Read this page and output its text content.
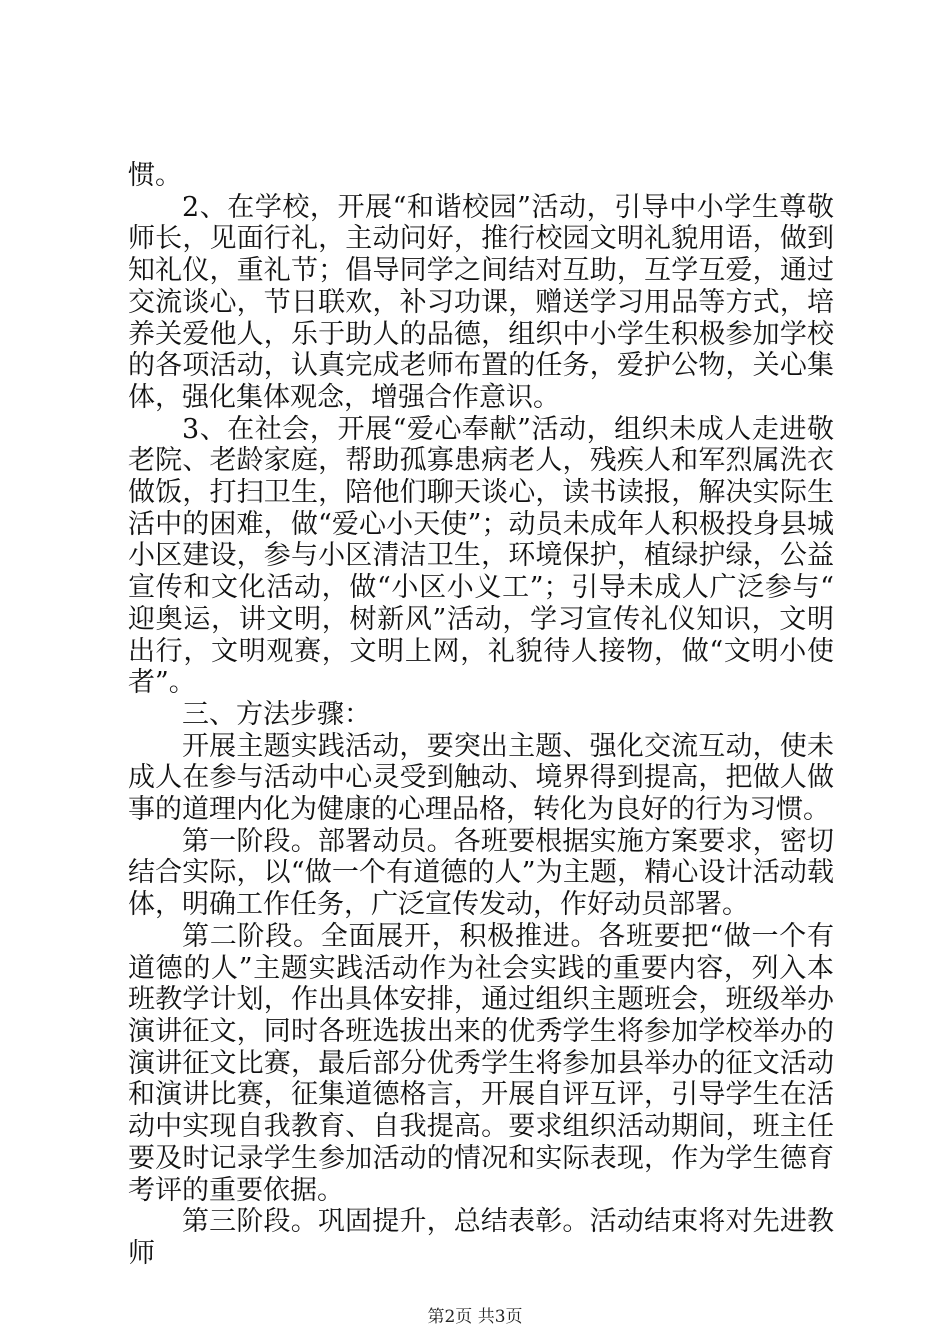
惯。

2、在学校，开展“和谐校园”活动，引导中小学生尊敬师长，见面行礼，主动问好，推行校园文明礼貌用语，做到知礼仪，重礼节；倡导同学之间结对互助，互学互爱，通过交流谈心，节日联欢，补习功课，赠送学习用品等方式，培养关爱他人，乐于助人的品德，组织中小学生积极参加学校的各项活动，认真完成老师布置的任务，爱护公物，关心集体，强化集体观念，增强合作意识。

3、在社会，开展“爱心奉献”活动，组织未成人走进敬老院、老龄家庭，帮助孤寡患病老人，残疾人和军烈属洗衣做饭，打扫卫生，陪他们聊天谈心，读书读报，解决实际生活中的困难，做“爱心小天使”；动员未成年人积极投身县城小区建设，参与小区清洁卫生，环境保护，植绿护绿，公益宣传和文化活动，做“小区小义工”；引导未成人广泛参与“迎奥运，讲文明，树新风”活动，学习宣传礼仪知识，文明出行，文明观赛，文明上网，礼貌待人接物，做“文明小使者”。

三、方法步骤：

开展主题实践活动，要突出主题、强化交流互动，使未成人在参与活动中心灵受到触动、境界得到提高，把做人做事的道理内化为健康的心理品格，转化为良好的行为习惯。

第一阶段。部署动员。各班要根据实施方案要求，密切结合实际，以“做一个有道德的人”为主题，精心设计活动载体，明确工作任务，广泛宣传发动，作好动员部署。

第二阶段。全面展开，积极推进。各班要把“做一个有道德的人”主题实践活动作为社会实践的重要内容，列入本班教学计划，作出具体安排，通过组织主题班会，班级举办演讲征文，同时各班选拔出来的优秀学生将参加学校举办的演讲征文比赛，最后部分优秀学生将参加县举办的征文活动和演讲比赛，征集道德格言，开展自评互评，引导学生在活动中实现自我教育、自我提高。要求组织活动期间，班主任要及时记录学生参加活动的情况和实际表现，作为学生德育考评的重要依据。

第三阶段。巩固提升，总结表彰。活动结束将对先进教师

第2页 共3页
